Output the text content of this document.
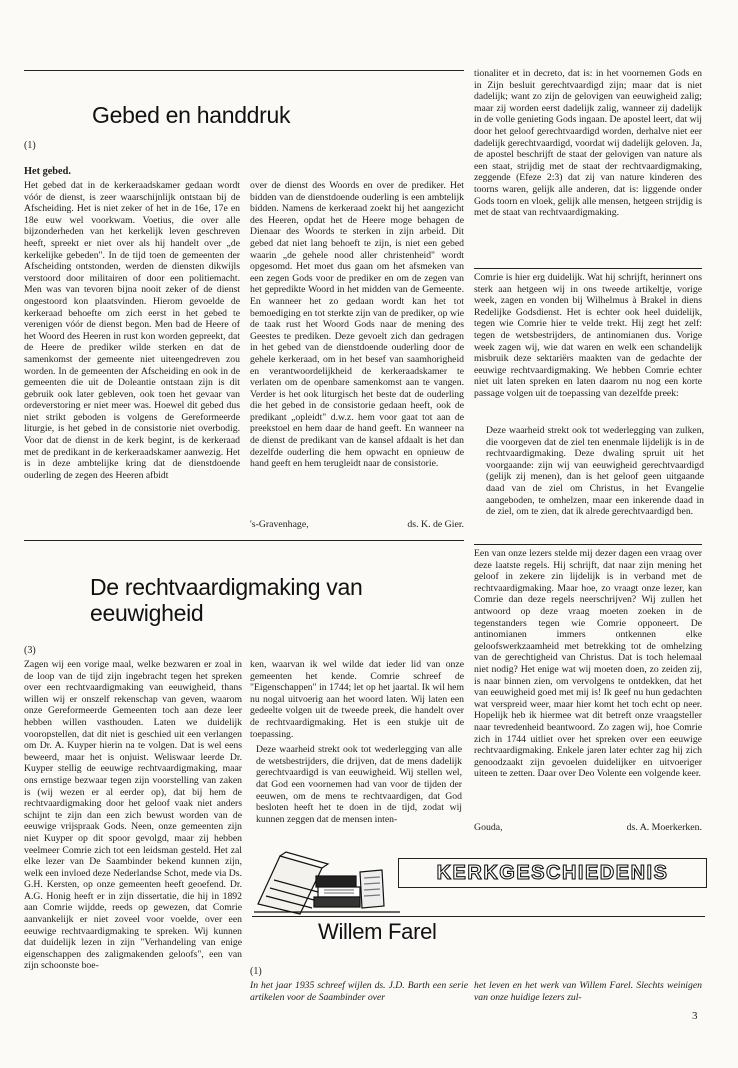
Gebed en handdruk
(1)
Het gebed.
Het gebed dat in de kerkeraadskamer gedaan wordt vóór de dienst, is zeer waarschijnlijk ontstaan bij de Afscheiding. Het is niet zeker of het in de 16e, 17e en 18e euw wel voorkwam. Voetius, die over alle bijzonderheden van het kerkelijk leven geschreven heeft, spreekt er niet over als hij handelt over „de kerkelijke gebeden". In de tijd toen de gemeenten der Afscheiding ontstonden, werden de diensten dikwijls verstoord door militairen of door een politiemacht. Men was van tevoren bijna nooit zeker of de dienst ongestoord kon plaatsvinden. Hierom gevoelde de kerkeraad behoefte om zich eerst in het gebed te verenigen vóór de dienst begon. Men bad de Heere of het Woord des Heeren in rust kon worden gepreekt, dat de Heere de prediker wilde sterken en dat de samenkomst der gemeente niet uiteengedreven zou worden. In de gemeenten der Afscheiding en ook in de gemeenten die uit de Doleantie ontstaan zijn is dit gebruik ook later gebleven, ook toen het gevaar van ordeverstoring er niet meer was. Hoewel dit gebed dus niet strikt geboden is volgens de Gereformeerde liturgie, is het gebed in de consistorie niet overbodig. Voor dat de dienst in de kerk begint, is de kerkeraad met de predikant in de kerkeraadskamer aanwezig. Het is in deze ambtelijke kring dat de dienstdoende ouderling de zegen des Heeren afbidt
over de dienst des Woords en over de prediker. Het bidden van de dienstdoende ouderling is een ambtelijk bidden. Namens de kerkeraad zoekt hij het aangezicht des Heeren, opdat het de Heere moge behagen de Dienaar des Woords te sterken in zijn arbeid. Dit gebed dat niet lang behoeft te zijn, is niet een gebed waarin „de gehele nood aller christenheid" wordt opgesomd. Het moet dus gaan om het afsmeken van een zegen Gods voor de prediker en om de zegen van het gepredikte Woord in het midden van de Gemeente. En wanneer het zo gedaan wordt kan het tot bemoediging en tot sterkte zijn van de prediker, op wie de taak rust het Woord Gods naar de mening des Geestes te prediken. Deze gevoelt zich dan gedragen in het gebed van de dienstdoende ouderling door de gehele kerkeraad, om in het besef van saamhorigheid en verantwoordelijkheid de kerkeraadskamer te verlaten om de openbare samenkomst aan te vangen. Verder is het ook liturgisch het beste dat de ouderling die het gebed in de consistorie gedaan heeft, ook de predikant „opleidt" d.w.z. hem voor gaat tot aan de preekstoel en hem daar de hand geeft. En wanneer na de dienst de predikant van de kansel afdaalt is het dan dezelfde ouderling die hem opwacht en opnieuw de hand geeft en hem terugleidt naar de consistorie.
's-Gravenhage,	ds. K. de Gier.
De rechtvaardigmaking van eeuwigheid
(3)
Zagen wij een vorige maal, welke bezwaren er zoal in de loop van de tijd zijn ingebracht tegen het spreken over een rechtvaardigmaking van eeuwigheid, thans willen wij er onszelf rekenschap van geven, waarom onze Gereformeerde Gemeenten toch aan deze leer hebben willen vasthouden. Laten we duidelijk vooropstellen, dat dit niet is geschied uit een verlangen om Dr. A. Kuyper hierin na te volgen. Dat is wel eens beweerd, maar het is onjuist. Weliswaar leerde Dr. Kuyper stellig de eeuwige rechtvaardigmaking, maar ons ernstige bezwaar tegen zijn voorstelling van zaken is (wij wezen er al eerder op), dat bij hem de rechtvaardigmaking door het geloof vaak niet anders schijnt te zijn dan een zich bewust worden van de eeuwige vrijspraak Gods. Neen, onze gemeenten zijn niet Kuyper op dit spoor gevolgd, maar zij hebben veelmeer Comrie zich tot een leidsman gesteld. Het zal elke lezer van De Saambinder bekend kunnen zijn, welk een invloed deze Nederlandse Schot, mede via Ds. G.H. Kersten, op onze gemeenten heeft geoefend. Dr. A.G. Honig heeft er in zijn dissertatie, die hij in 1892 aan Comrie wijdde, reeds op gewezen, dat Comrie aanvankelijk er niet zoveel voor voelde, over een eeuwige rechtvaardigmaking te spreken. Wij kunnen dat duidelijk lezen in zijn "Verhandeling van enige eigenschappen des zaligmakenden geloofs", een van zijn schoonste boe-

ken, waarvan ik wel wilde dat ieder lid van onze gemeenten het kende. Comrie schreef de "Eigenschappen" in 1744; let op het jaartal. Ik wil hem nu nogal uitvoerig aan het woord laten. Wij laten een gedeelte volgen uit de tweede preek, die handelt over de rechtvaardigmaking. Het is een stukje uit de toepassing.

Deze waarheid strekt ook tot wederlegging van alle de wetsbestrijders, die drijven, dat de mens dadelijk gerechtvaardigd is van eeuwigheid. Wij stellen wel, dat God een voornemen had van voor de tijden der eeuwen, om de mens te rechtvaardigen, dat God besloten heeft het te doen in de tijd, zodat wij kunnen zeggen dat de mensen inten-

tionaliter et in decreto, dat is: in het voornemen Gods en in Zijn besluit gerechtvaardigd zijn; maar dat is niet dadelijk; want zo zijn de gelovigen van eeuwigheid zalig; maar zij worden eerst dadelijk zalig, wanneer zij dadelijk in de volle genieting Gods ingaan. De apostel leert, dat wij door het geloof gerechtvaardigd worden, derhalve niet eer dadelijk gerechtvaardigd, voordat wij dadelijk geloven. Ja, de apostel beschrijft de staat der gelovigen van nature als een staat, strijdig met de staat der rechtvaardigmaking, zeggende (Efeze 2:3) dat zij van nature kinderen des toorns waren, gelijk alle anderen, dat is: liggende onder Gods toorn en vloek, gelijk alle mensen, hetgeen strijdig is met de staat van rechtvaardigmaking.
Comrie is hier erg duidelijk. Wat hij schrijft, herinnert ons sterk aan hetgeen wij in ons tweede artikeltje, vorige week, zagen en vonden bij Wilhelmus à Brakel in diens Redelijke Godsdienst. Het is echter ook heel duidelijk, tegen wie Comrie hier te velde trekt. Hij zegt het zelf: tegen de wetsbestrijders, de antinomianen dus. Vorige week zagen wij, wie dat waren en welk een schandelijk misbruik deze sektariërs maakten van de gedachte der eeuwige rechtvaardigmaking. We hebben Comrie echter niet uit laten spreken en laten daarom nu nog een korte passage volgen uit de toepassing van dezelfde preek:
Deze waarheid strekt ook tot wederlegging van zulken, die voorgeven dat de ziel ten enenmale lijdelijk is in de rechtvaardigmaking. Deze dwaling spruit uit het voorgaande: zijn wij van eeuwigheid gerechtvaardigd (gelijk zij menen), dan is het geloof geen uitgaande daad van de ziel om Christus, in het Evangelie aangeboden, te omhelzen, maar een inkerende daad in de ziel, om te zien, dat ik alrede gerechtvaardigd ben.
Een van onze lezers stelde mij dezer dagen een vraag over deze laatste regels. Hij schrijft, dat naar zijn mening het geloof in zekere zin lijdelijk is in verband met de rechtvaardigmaking. Maar hoe, zo vraagt onze lezer, kan Comrie dan deze regels neerschrijven? Wij zullen het antwoord op deze vraag moeten zoeken in de tegenstanders tegen wie Comrie opponeert. De antinomianen immers ontkennen elke geloofswerkzaamheid met betrekking tot de omhelzing van de gerechtigheid van Christus. Dat is toch helemaal niet nodig? Het enige wat wij moeten doen, zo zeiden zij, is naar binnen zien, om vervolgens te ontdekken, dat het van eeuwigheid goed met mij is! Ik geef nu hun gedachten wat verspreid weer, maar hier komt het toch echt op neer. Hopelijk heb ik hiermee wat dit betreft onze vraagsteller naar tevredenheid beantwoord. Zo zagen wij, hoe Comrie zich in 1744 uitliet over het spreken over een eeuwige rechtvaardigmaking. Enkele jaren later echter zag hij zich genoodzaakt zijn gevoelen duidelijker en uitvoeriger uiteen te zetten. Daar over Deo Volente een volgende keer.
Gouda,	ds. A. Moerkerken.
KERKGESCHIEDENIS
Willem Farel
(1)
In het jaar 1935 schreef wijlen ds. J.D. Barth een serie artikelen voor de Saambinder over
het leven en het werk van Willem Farel. Slechts weinigen van onze huidige lezers zul-
3
